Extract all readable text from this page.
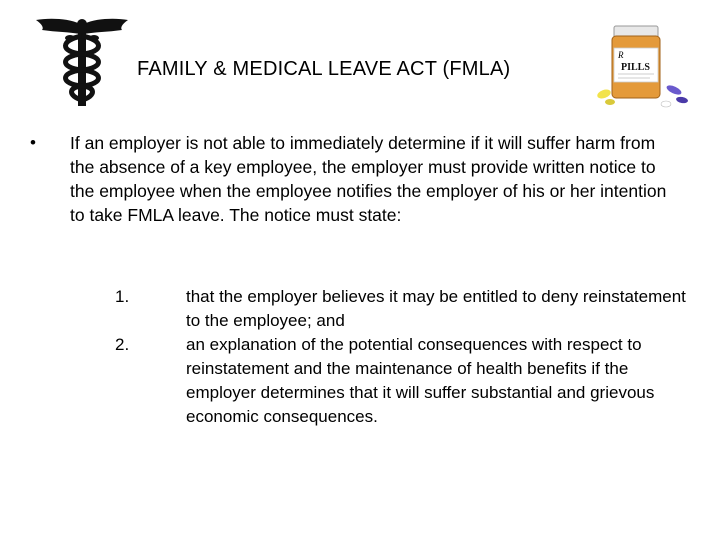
R
PILLS
FAMILY & MEDICAL LEAVE ACT (FMLA)
• If an employer is not able to immediately determine if it will suffer harm from the absence of a key employee, the employer must provide written notice to the employee when the employee notifies the employer of his or her intention to take FMLA leave. The notice must state:
1.	that the employer believes it may be entitled to deny reinstatement to the employee; and
2.	an explanation of the potential consequences with respect to reinstatement and the maintenance of health benefits if the employer determines that it will suffer substantial and grievous economic consequences.
